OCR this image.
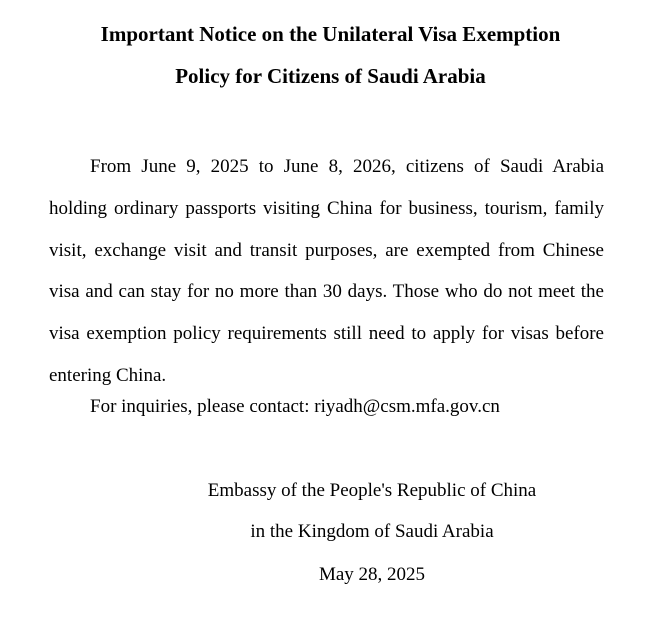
Important Notice on the Unilateral Visa Exemption
Policy for Citizens of Saudi Arabia

From June 9, 2025 to June 8, 2026, citizens of Saudi Arabia holding ordinary passports visiting China for business, tourism, family visit, exchange visit and transit purposes, are exempted from Chinese visa and can stay for no more than 30 days. Those who do not meet the visa exemption policy requirements still need to apply for visas before entering China.

For inquiries, please contact: riyadh@csm.mfa.gov.cn

Embassy of the People's Republic of China

in the Kingdom of Saudi Arabia

May 28, 2025
